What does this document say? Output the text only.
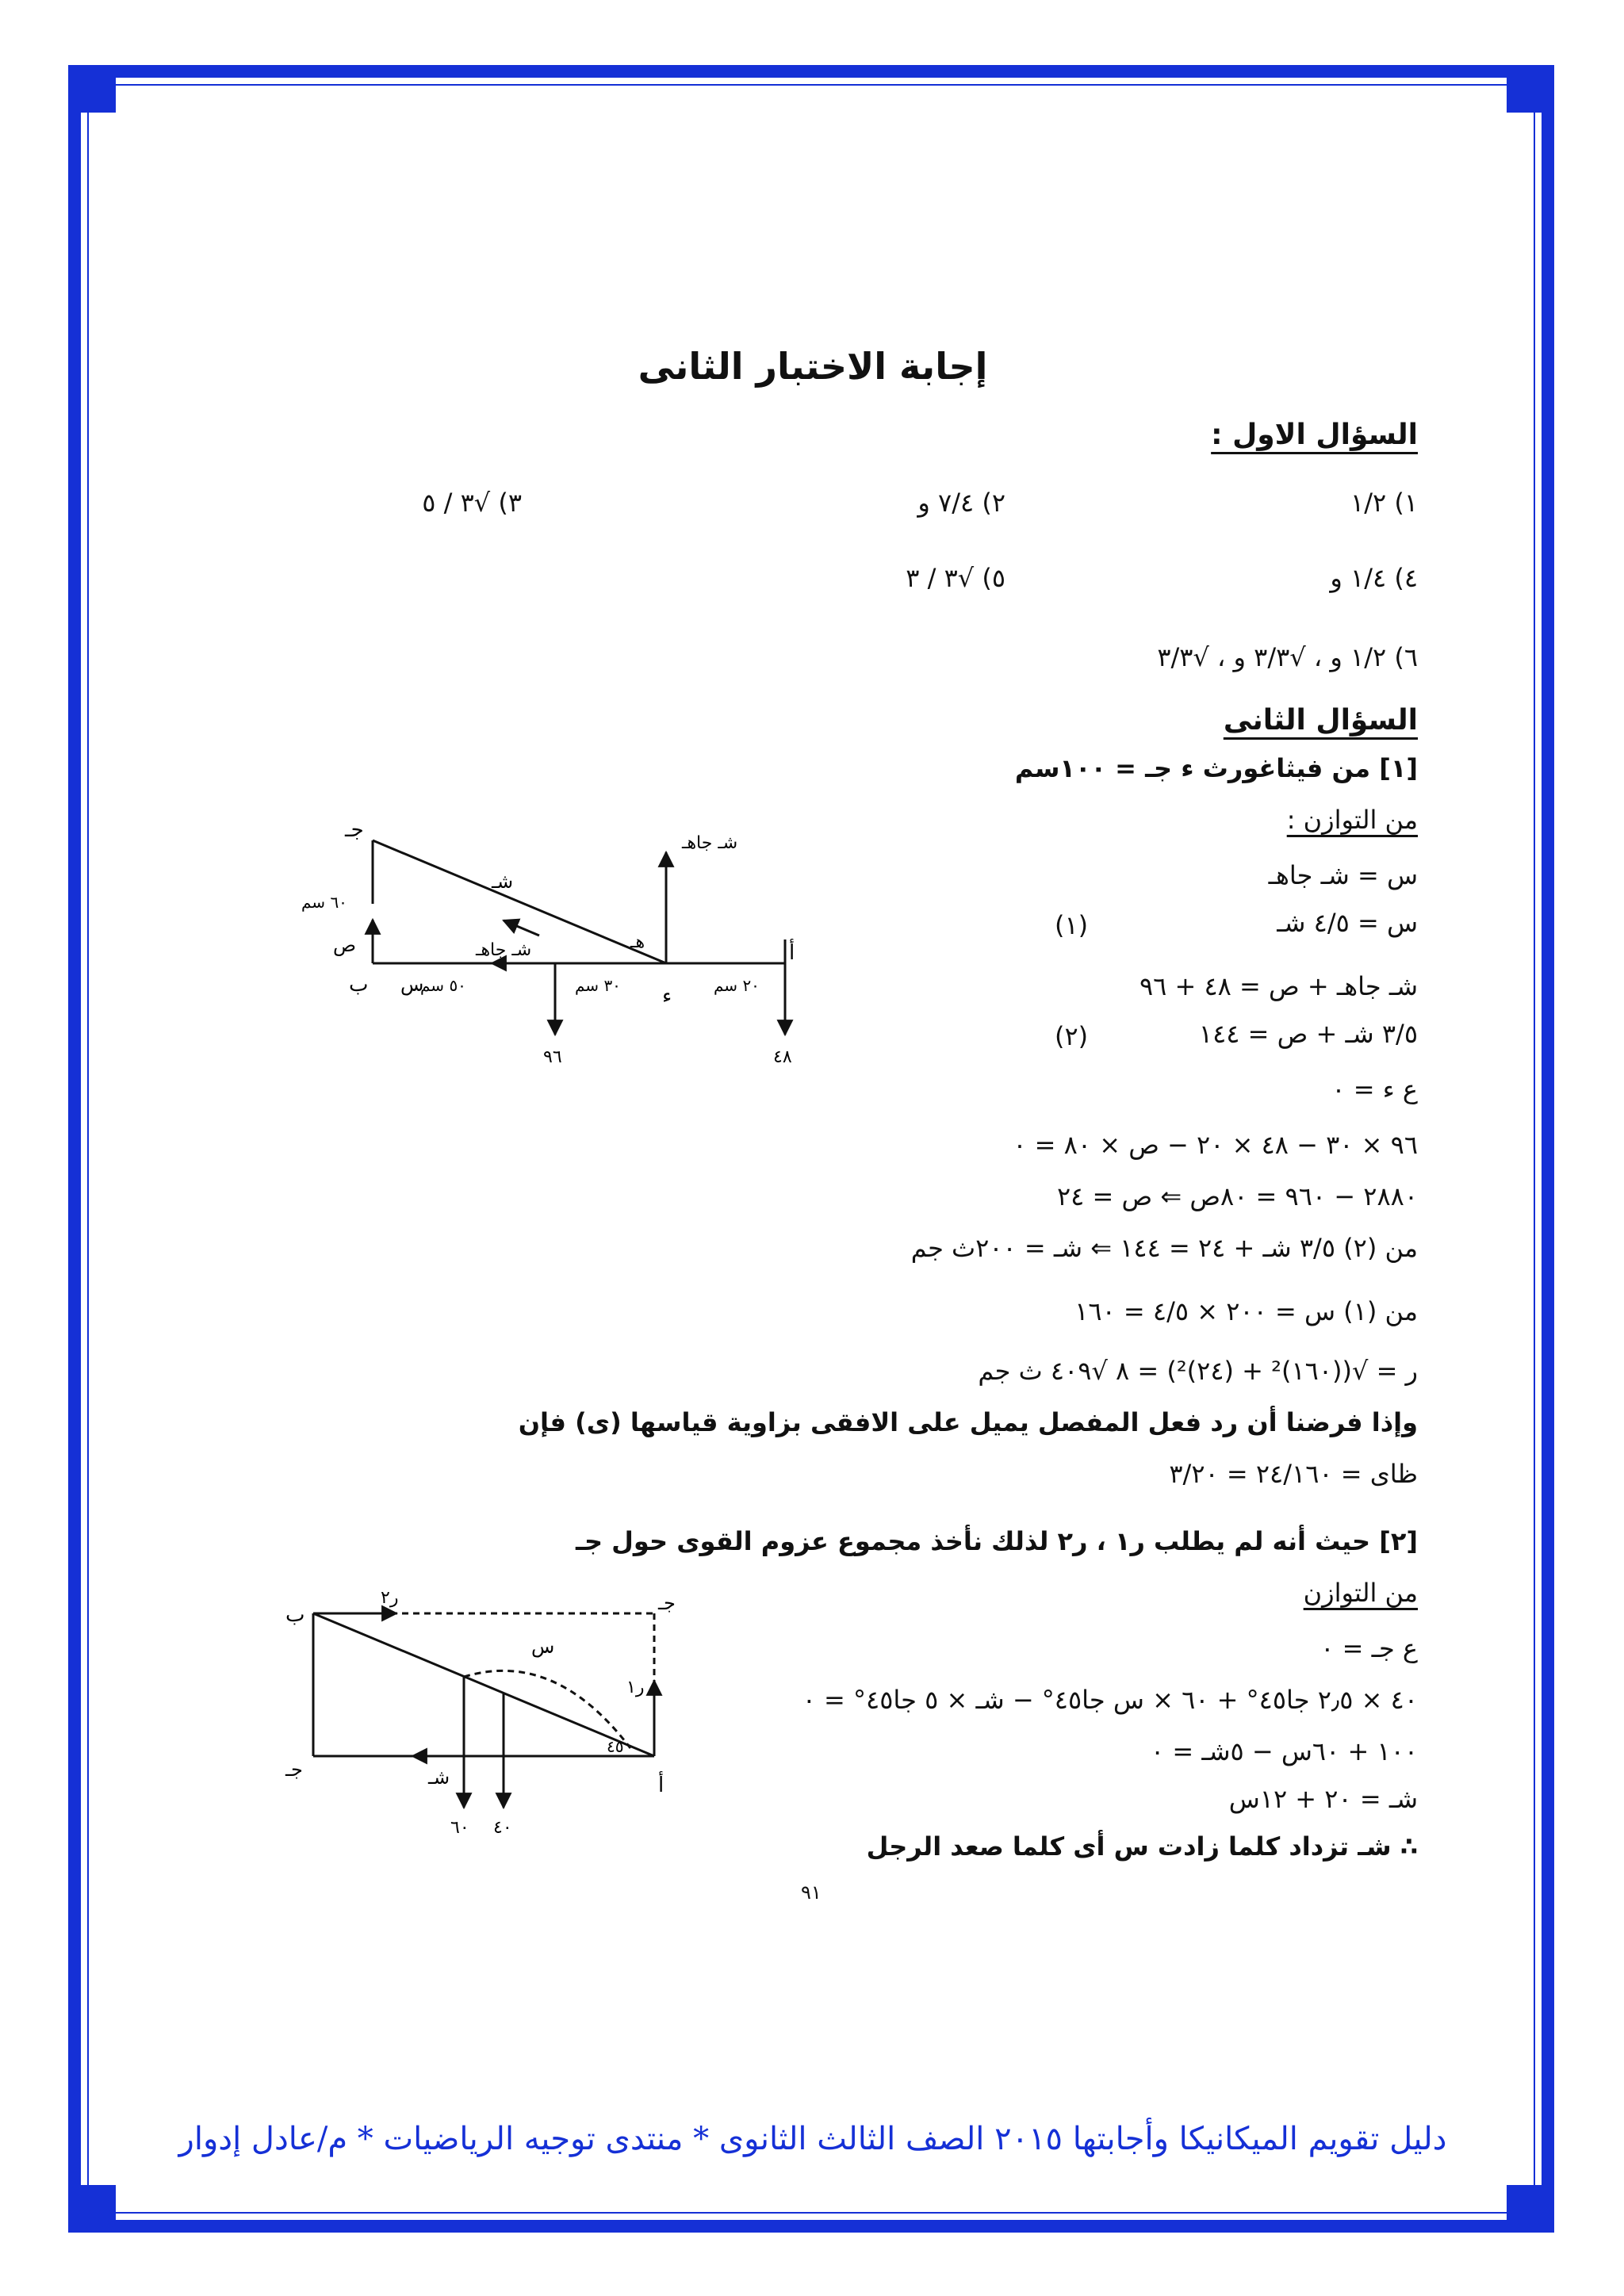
إجابة الاختبار الثانى
السؤال الاول :
١) ١/٢
٢) ٧/٤ و
٣) √٣ / ٥
٤) ١/٤ و
٥) √٣ / ٣
٦) ١/٢ و ، √٣/٣ و ، √٣/٣
السؤال الثانى
[١] من فيثاغورث ء جـ = ١٠٠سم
من التوازن :
س = شـ جاهـ
س = ٤/٥ شـ
(١)
شـ جاهـ + ص = ٤٨ + ٩٦
٣/٥ شـ + ص = ١٤٤
(٢)
ع ء = ٠
٩٦ × ٣٠ − ٤٨ × ٢٠ − ص × ٨٠ = ٠
٢٨٨٠ − ٩٦٠ = ٨٠ص ⇐ ص = ٢٤
من (٢) ٣/٥ شـ + ٢٤ = ١٤٤ ⇐ شـ = ٢٠٠ث جم
من (١) س = ٢٠٠ × ٤/٥ = ١٦٠
ر = √((١٦٠)² + (٢٤)²) = ٨ √٤٠٩ ث جم
وإذا فرضنا أن رد فعل المفصل يميل على الافقى بزاوية قياسها (ى) فإن
ظاى = ٢٤/١٦٠ = ٣/٢٠
[٢] حيث أنه لم يطلب ر١ ، ر٢ لذلك نأخذ مجموع عزوم القوى حول جـ
من التوازن
ع جـ = ٠
٤٠ × ٢٫٥ جا٤٥° + ٦٠ × س جا٤٥° − شـ × ٥ جا٤٥° = ٠
١٠٠ + ٦٠س − ٥شـ = ٠
شـ = ٢٠ + ١٢س
∴ شـ تزداد كلما زادت س أى كلما صعد الرجل
جـ
ء
هـ	أ
ب
شـ
شـ جاهـ
شـ جاهـ
س
ص
٦٠ سم
٥٠ سم	٣٠ سم	٢٠ سم
٩٦	٤٨
ب	جـ
جـ
أ
ر٢
ر١
س
شـ
٤٥
٦٠ ٤٠
٩١
دليل تقويم الميكانيكا وأجابتها ٢٠١٥ الصف الثالث الثانوى * منتدى توجيه الرياضيات * م/عادل إدوار
